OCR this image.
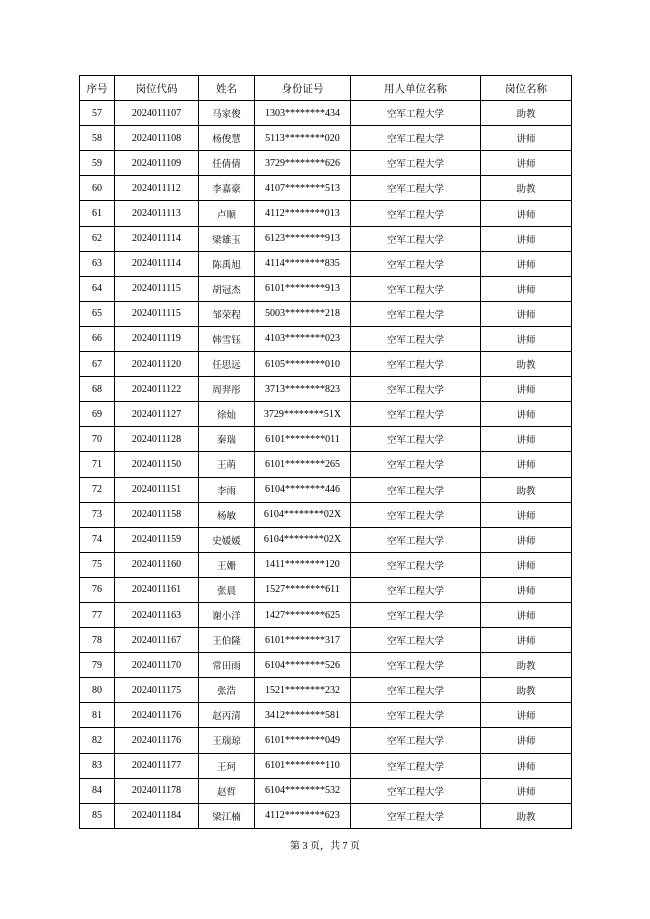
序号	岗位代码	姓名	身份证号	用人单位名称	岗位名称
57	2024011107	马家俊	1303********434	空军工程大学	助教
58	2024011108	杨俊慧	5113********020	空军工程大学	讲师
59	2024011109	任倩倩	3729********626	空军工程大学	讲师
60	2024011112	李嘉豪	4107********513	空军工程大学	助教
61	2024011113	卢顺	4112********013	空军工程大学	讲师
62	2024011114	梁雄玉	6123********913	空军工程大学	讲师
63	2024011114	陈禹旭	4114********835	空军工程大学	讲师
64	2024011115	胡冠杰	6101********913	空军工程大学	讲师
65	2024011115	邹荣程	5003********218	空军工程大学	讲师
66	2024011119	韩雪钰	4103********023	空军工程大学	讲师
67	2024011120	任思远	6105********010	空军工程大学	助教
68	2024011122	周羿彤	3713********823	空军工程大学	讲师
69	2024011127	徐灿	3729********51X	空军工程大学	讲师
70	2024011128	秦瑞	6101********011	空军工程大学	讲师
71	2024011150	王萌	6101********265	空军工程大学	讲师
72	2024011151	李雨	6104********446	空军工程大学	助教
73	2024011158	杨敏	6104********02X	空军工程大学	讲师
74	2024011159	史媛媛	6104********02X	空军工程大学	讲师
75	2024011160	王姗	1411********120	空军工程大学	讲师
76	2024011161	张晨	1527********611	空军工程大学	讲师
77	2024011163	谢小洋	1427********625	空军工程大学	讲师
78	2024011167	王伯隆	6101********317	空军工程大学	讲师
79	2024011170	常田雨	6104********526	空军工程大学	助教
80	2024011175	张浩	1521********232	空军工程大学	助教
81	2024011176	赵丙清	3412********581	空军工程大学	讲师
82	2024011176	王瑞琼	6101********049	空军工程大学	讲师
83	2024011177	王珂	6101********110	空军工程大学	讲师
84	2024011178	赵哲	6104********532	空军工程大学	讲师
85	2024011184	梁江楠	4112********623	空军工程大学	助教
第 3 页，共 7 页
